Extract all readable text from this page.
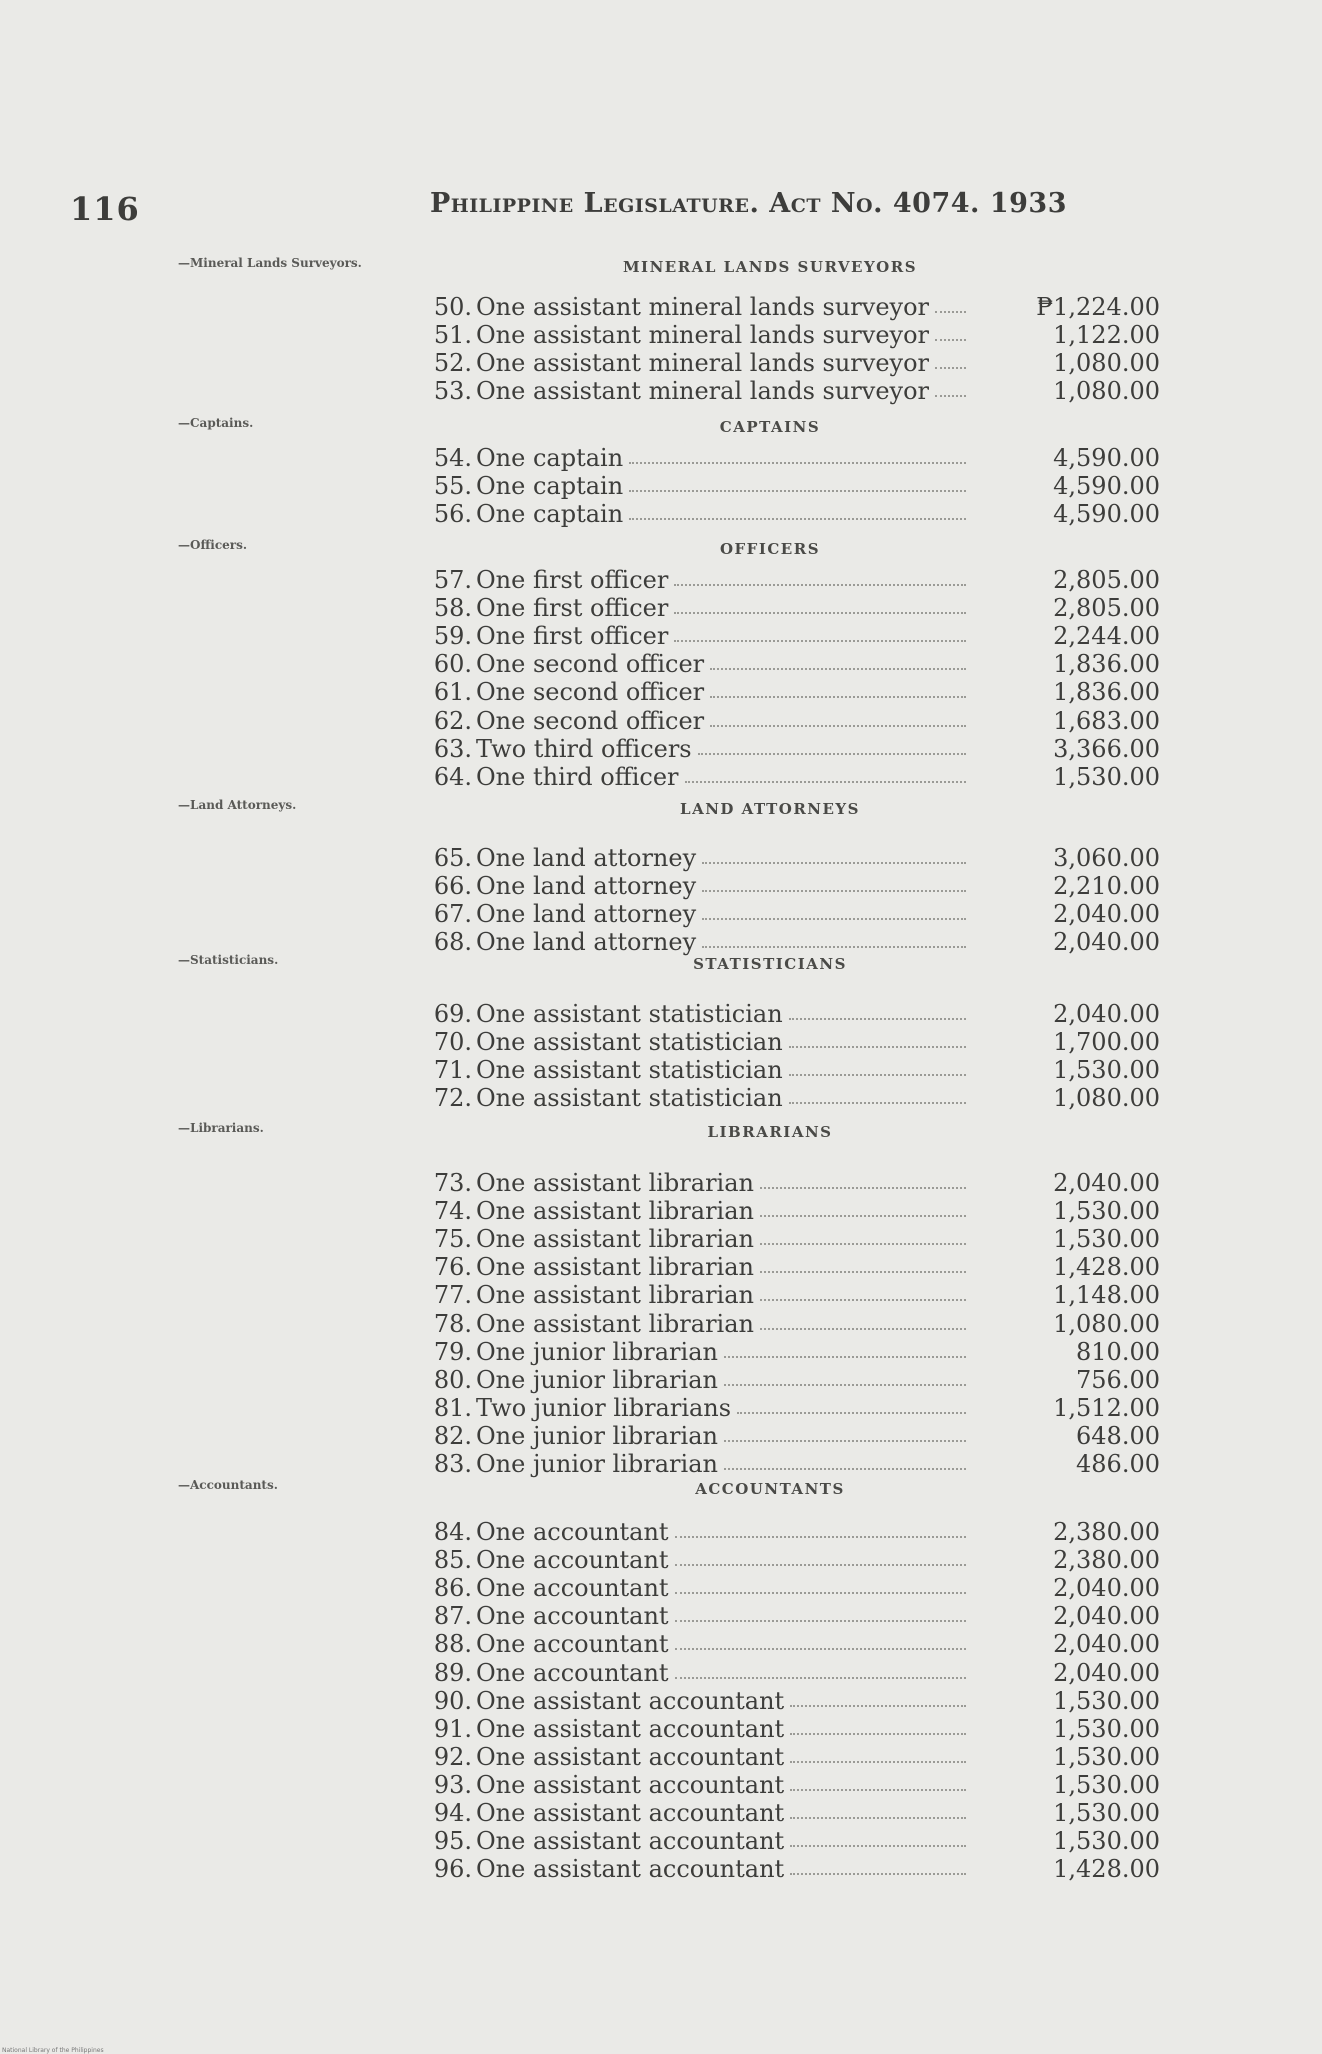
116	Philippine Legislature. Act No. 4074. 1933
—Mineral Lands Surveyors.	MINERAL LANDS SURVEYORS
50. One assistant mineral lands surveyor	₱1,224.00
51. One assistant mineral lands surveyor	1,122.00
52. One assistant mineral lands surveyor	1,080.00
53. One assistant mineral lands surveyor	1,080.00
—Captains.	CAPTAINS
54. One captain	4,590.00
55. One captain	4,590.00
56. One captain	4,590.00
—Officers.	OFFICERS
57. One first officer	2,805.00
58. One first officer	2,805.00
59. One first officer	2,244.00
60. One second officer	1,836.00
61. One second officer	1,836.00
62. One second officer	1,683.00
63. Two third officers	3,366.00
64. One third officer	1,530.00
—Land Attorneys.	LAND ATTORNEYS
65. One land attorney	3,060.00
66. One land attorney	2,210.00
67. One land attorney	2,040.00
68. One land attorney	2,040.00
—Statisticians.	STATISTICIANS
69. One assistant statistician	2,040.00
70. One assistant statistician	1,700.00
71. One assistant statistician	1,530.00
72. One assistant statistician	1,080.00
—Librarians.	LIBRARIANS
73. One assistant librarian	2,040.00
74. One assistant librarian	1,530.00
75. One assistant librarian	1,530.00
76. One assistant librarian	1,428.00
77. One assistant librarian	1,148.00
78. One assistant librarian	1,080.00
79. One junior librarian	810.00
80. One junior librarian	756.00
81. Two junior librarians	1,512.00
82. One junior librarian	648.00
83. One junior librarian	486.00
—Accountants.	ACCOUNTANTS
84. One accountant	2,380.00
85. One accountant	2,380.00
86. One accountant	2,040.00
87. One accountant	2,040.00
88. One accountant	2,040.00
89. One accountant	2,040.00
90. One assistant accountant	1,530.00
91. One assistant accountant	1,530.00
92. One assistant accountant	1,530.00
93. One assistant accountant	1,530.00
94. One assistant accountant	1,530.00
95. One assistant accountant	1,530.00
96. One assistant accountant	1,428.00
National Library of the Philippines
